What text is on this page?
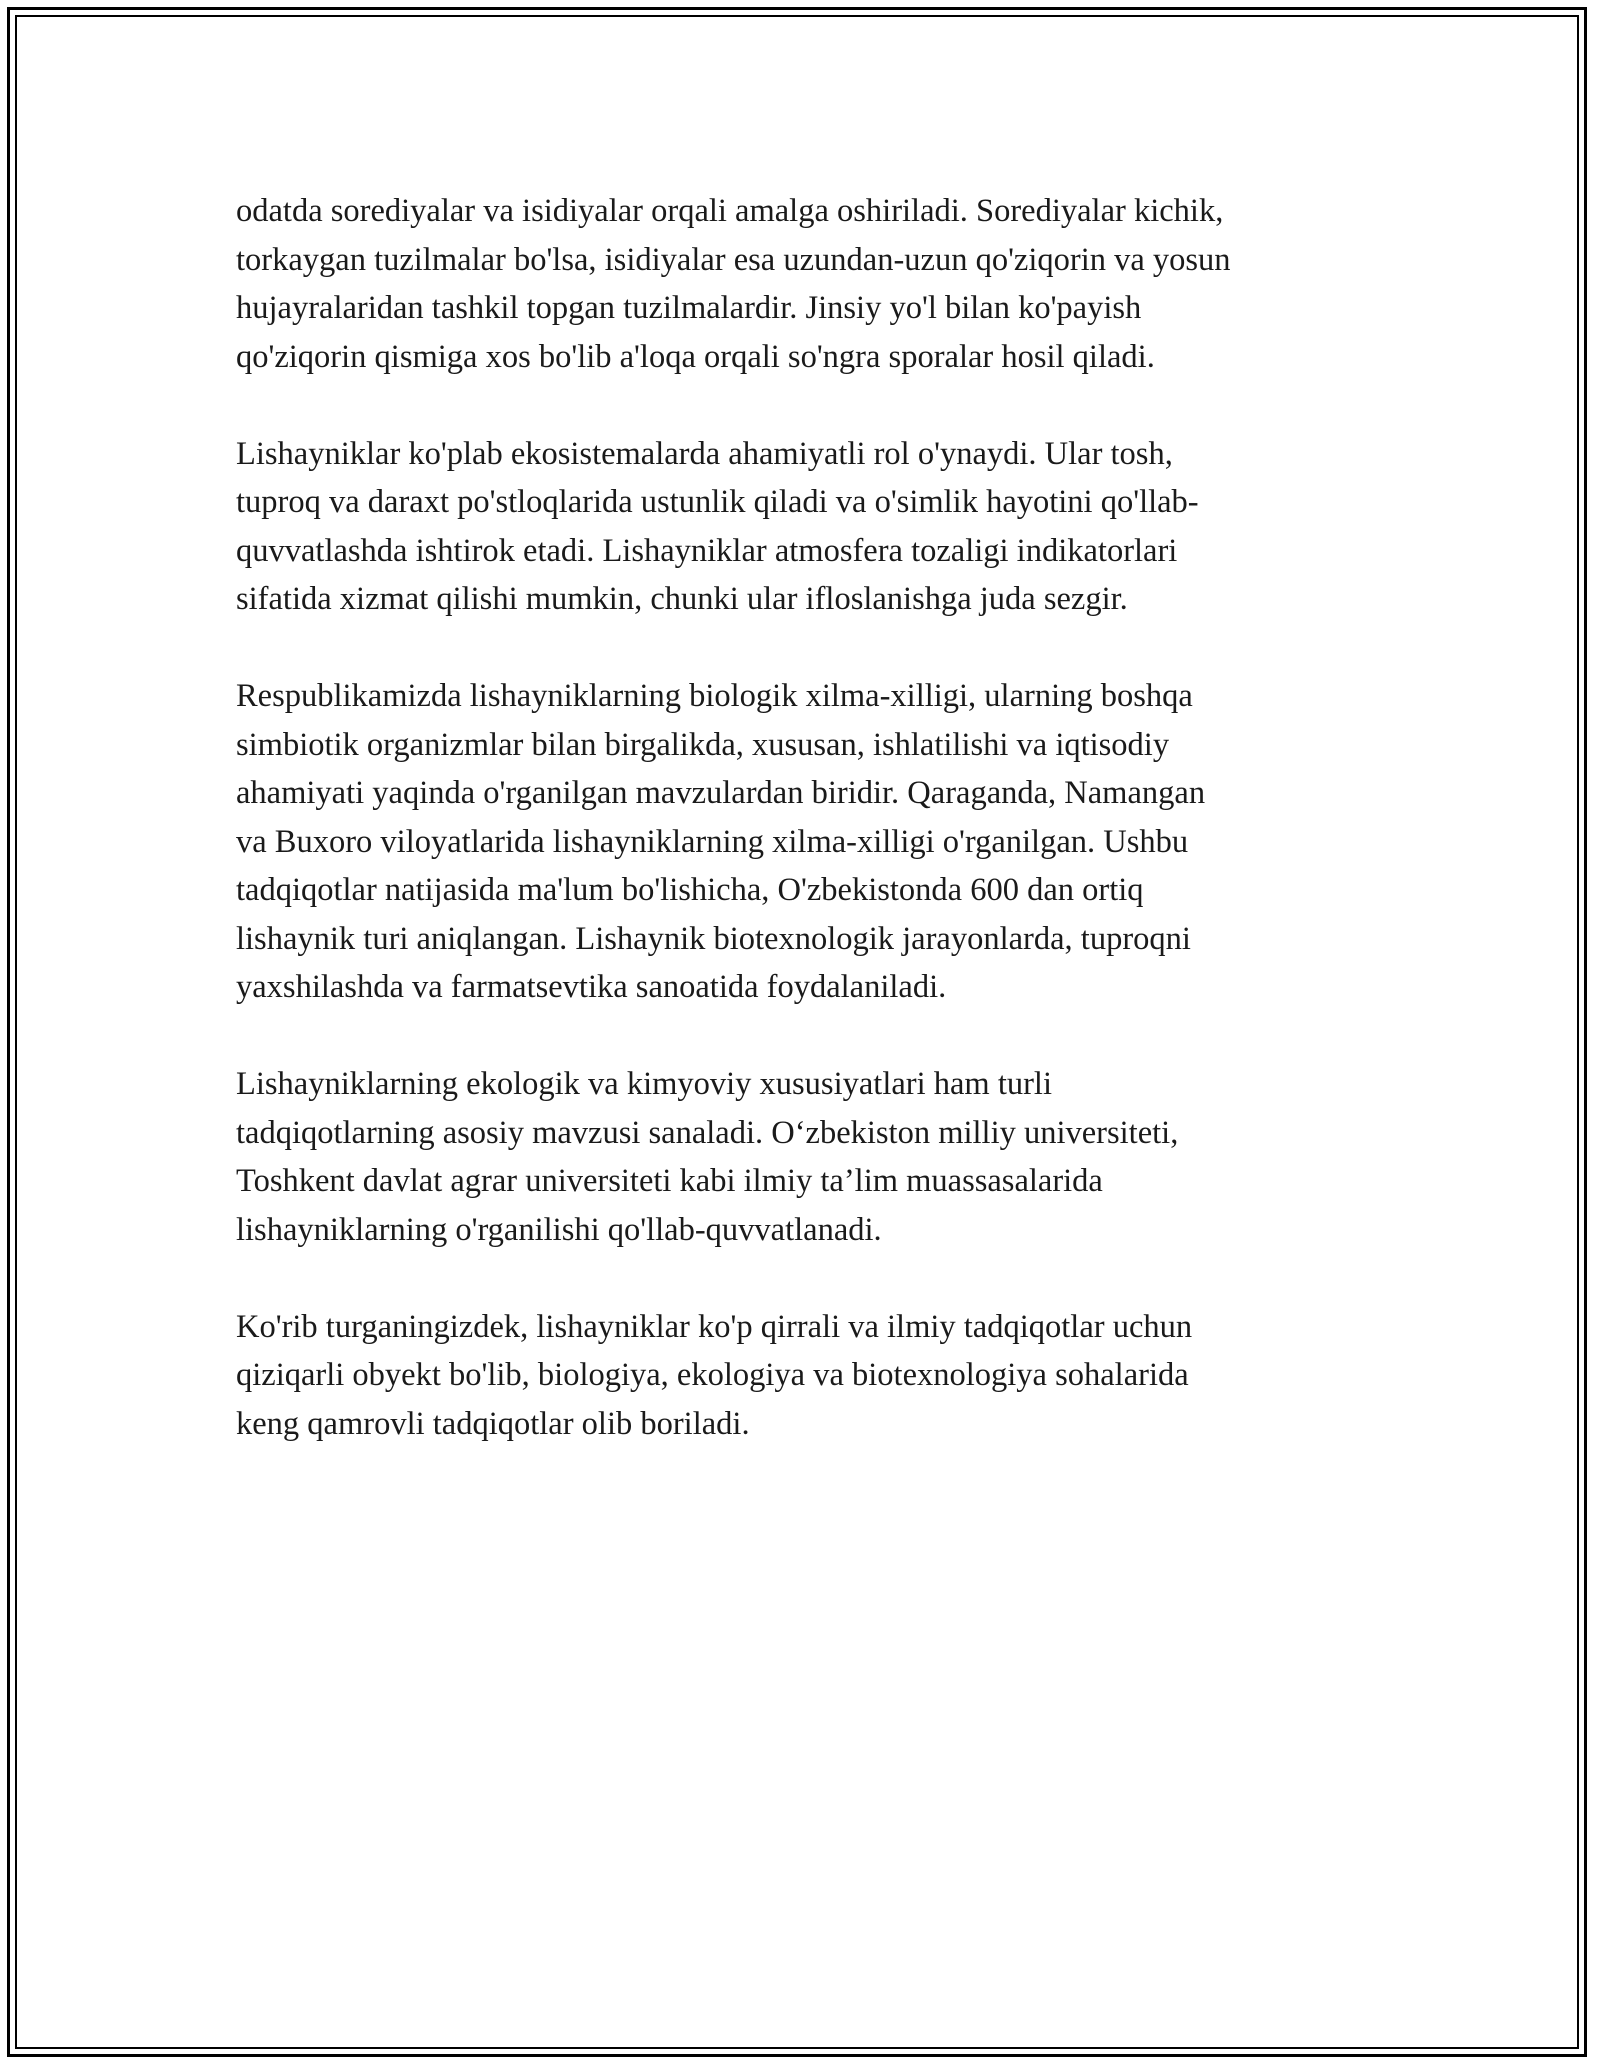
odatda sorediyalar va isidiyalar orqali amalga oshiriladi. Sorediyalar kichik,
torkaygan tuzilmalar bo'lsa, isidiyalar esa uzundan-uzun qo'ziqorin va yosun
hujayralaridan tashkil topgan tuzilmalardir. Jinsiy yo'l bilan ko'payish
qo'ziqorin qismiga xos bo'lib a'loqa orqali so'ngra sporalar hosil qiladi.

Lishayniklar ko'plab ekosistemalarda ahamiyatli rol o'ynaydi. Ular tosh,
tuproq va daraxt po'stloqlarida ustunlik qiladi va o'simlik hayotini qo'llab-
quvvatlashda ishtirok etadi. Lishayniklar atmosfera tozaligi indikatorlari
sifatida xizmat qilishi mumkin, chunki ular ifloslanishga juda sezgir.

Respublikamizda lishayniklarning biologik xilma-xilligi, ularning boshqa
simbiotik organizmlar bilan birgalikda, xususan, ishlatilishi va iqtisodiy
ahamiyati yaqinda o'rganilgan mavzulardan biridir. Qaraganda, Namangan
va Buxoro viloyatlarida lishayniklarning xilma-xilligi o'rganilgan. Ushbu
tadqiqotlar natijasida ma'lum bo'lishicha, O'zbekistonda 600 dan ortiq
lishaynik turi aniqlangan. Lishaynik biotexnologik jarayonlarda, tuproqni
yaxshilashda va farmatsevtika sanoatida foydalaniladi.

Lishayniklarning ekologik va kimyoviy xususiyatlari ham turli
tadqiqotlarning asosiy mavzusi sanaladi. O‘zbekiston milliy universiteti,
Toshkent davlat agrar universiteti kabi ilmiy ta’lim muassasalarida
lishayniklarning o'rganilishi qo'llab-quvvatlanadi.

Ko'rib turganingizdek, lishayniklar ko'p qirrali va ilmiy tadqiqotlar uchun
qiziqarli obyekt bo'lib, biologiya, ekologiya va biotexnologiya sohalarida
keng qamrovli tadqiqotlar olib boriladi.
